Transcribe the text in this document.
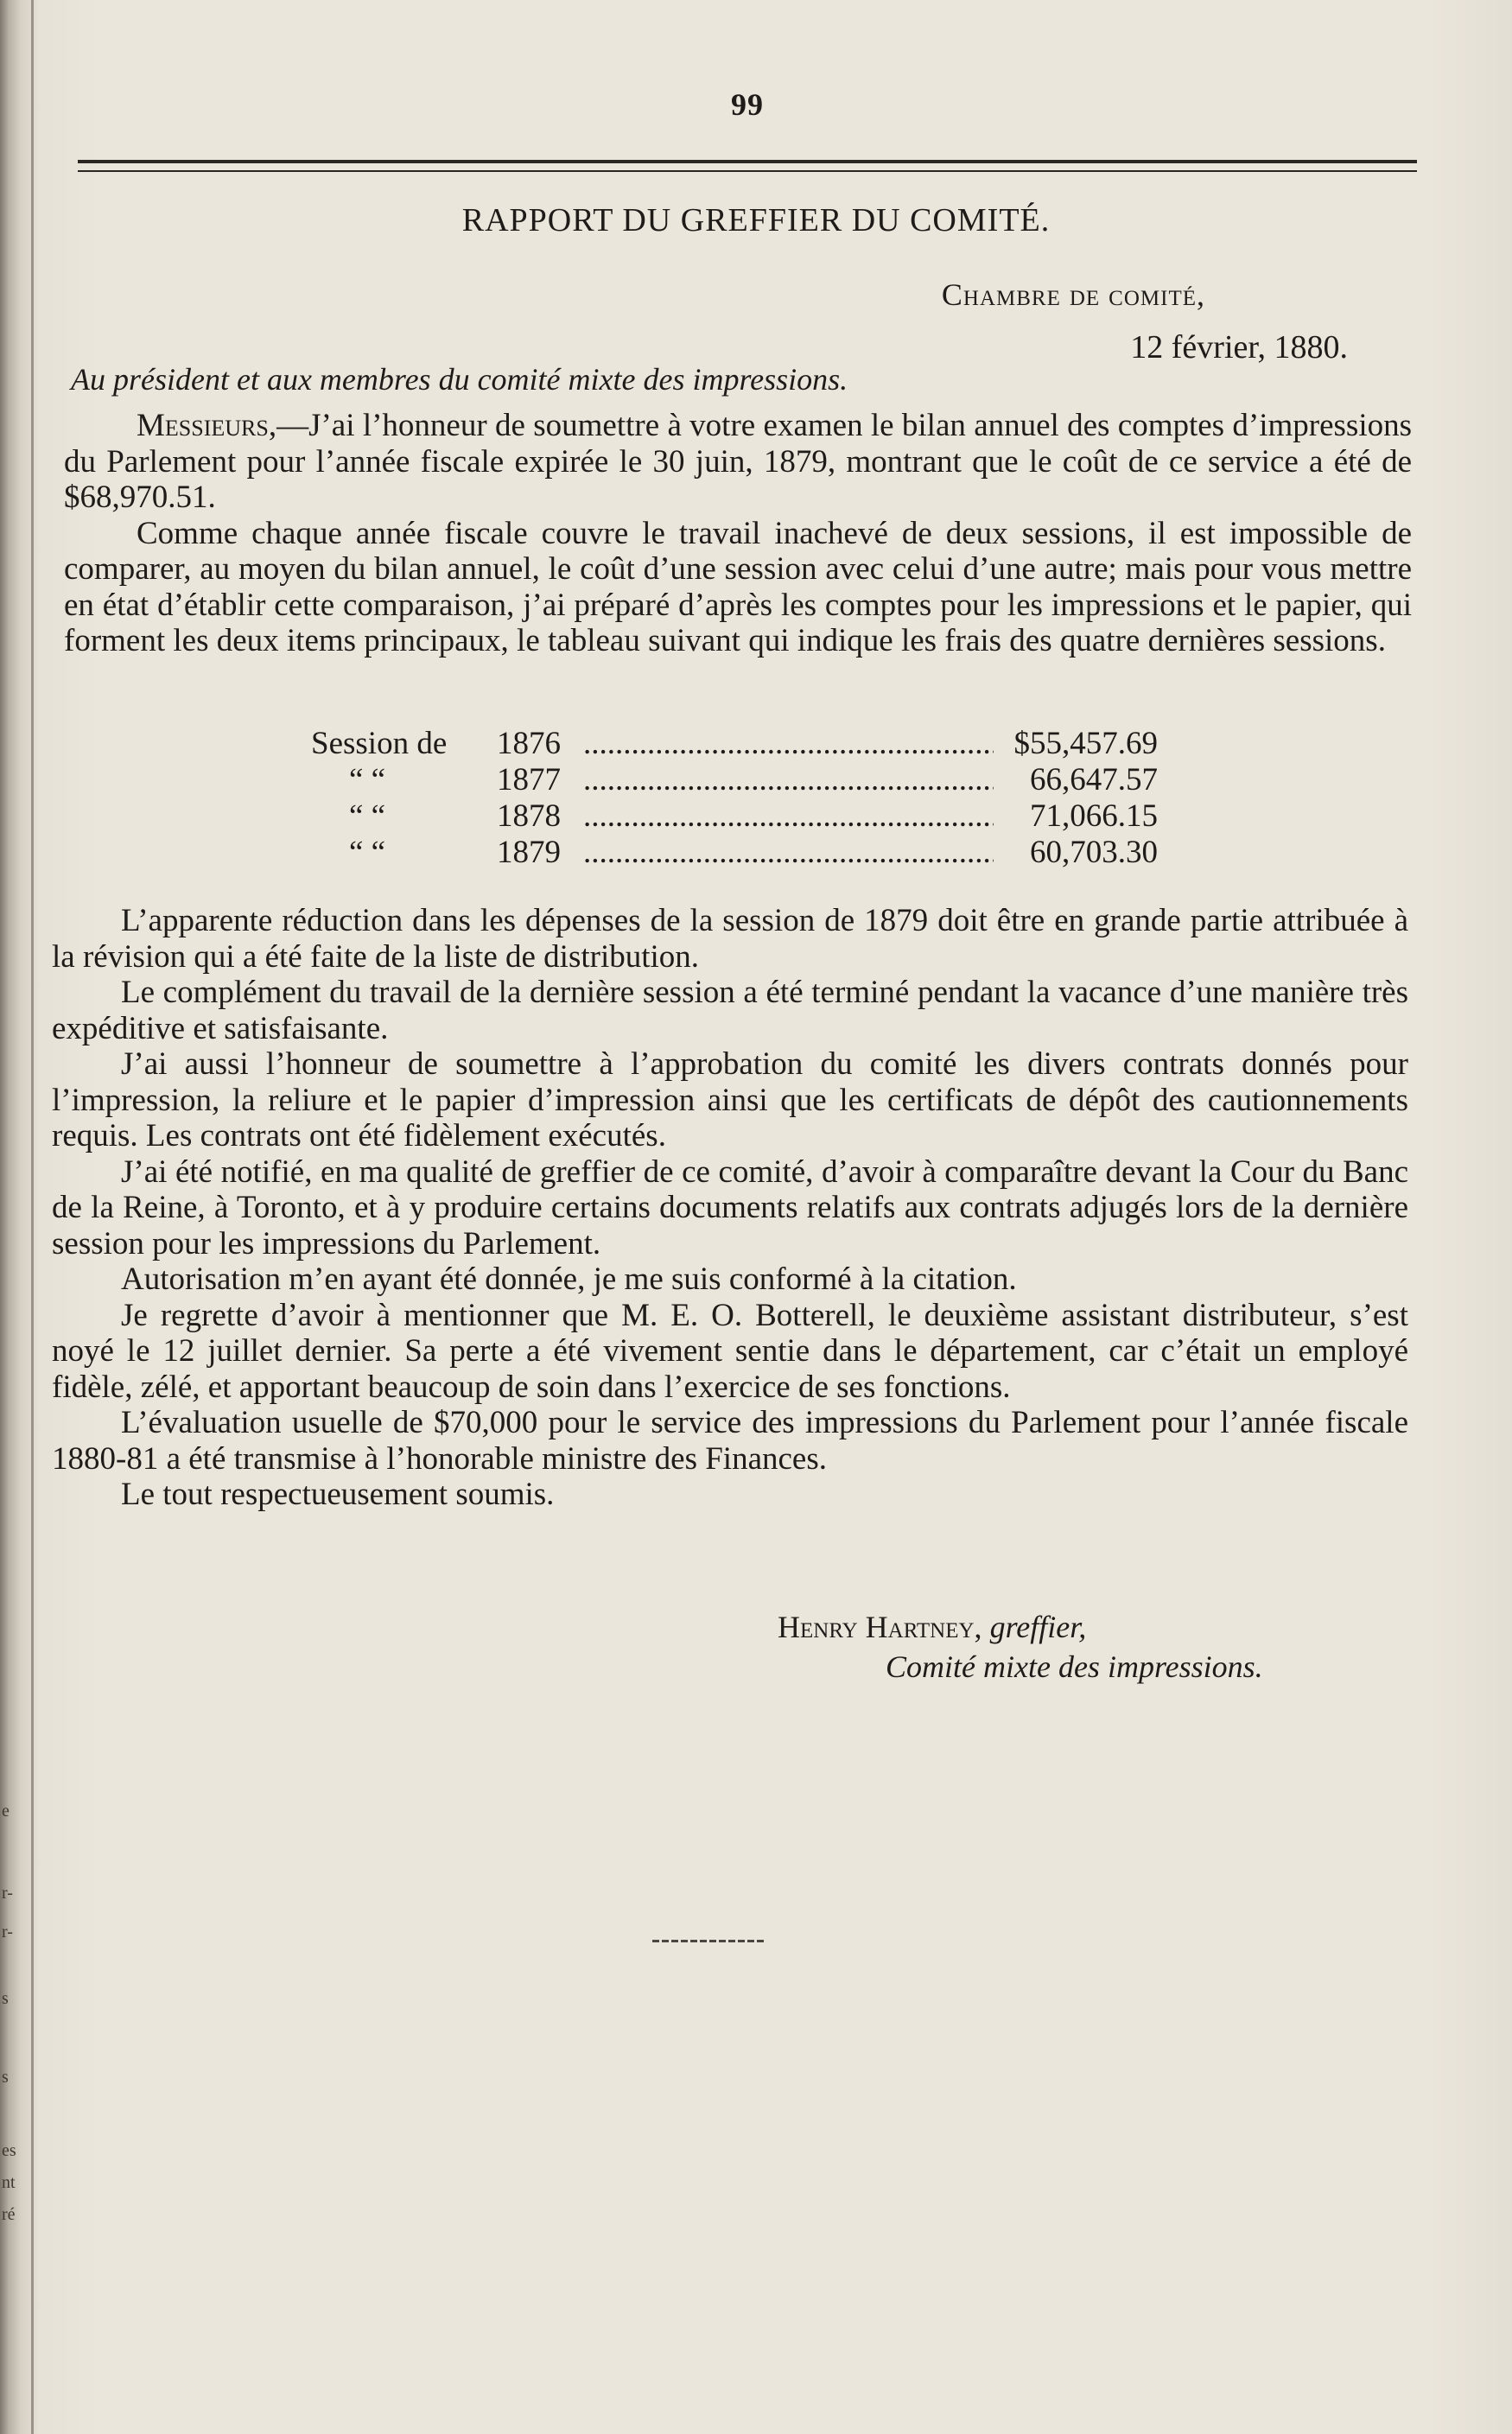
e
r-
r-
s
s
es
nt
ré
99
RAPPORT DU GREFFIER DU COMITÉ.
Chambre de comité,
12 février, 1880.
Au président et aux membres du comité mixte des impressions.

Messieurs,—J’ai l’honneur de soumettre à votre examen le bilan annuel des comptes d’impressions du Parlement pour l’année fiscale expirée le 30 juin, 1879, montrant que le coût de ce service a été de $68,970.51.

Comme chaque année fiscale couvre le travail inachevé de deux sessions, il est impossible de comparer, au moyen du bilan annuel, le coût d’une session avec celui d’une autre; mais pour vous mettre en état d’établir cette comparaison, j’ai préparé d’après les comptes pour les impressions et le papier, qui forment les deux items principaux, le tableau suivant qui indique les frais des quatre dernières sessions.

Session de	1876 .....	$55,457.69
“ “	1877 .....	66,647.57
“ “	1878 .....	71,066.15
“ “	1879 .....	60,703.30

L’apparente réduction dans les dépenses de la session de 1879 doit être en grande partie attribuée à la révision qui a été faite de la liste de distribution.

Le complément du travail de la dernière session a été terminé pendant la vacance d’une manière très expéditive et satisfaisante.

J’ai aussi l’honneur de soumettre à l’approbation du comité les divers contrats donnés pour l’impression, la reliure et le papier d’impression ainsi que les certificats de dépôt des cautionnements requis. Les contrats ont été fidèlement exécutés.

J’ai été notifié, en ma qualité de greffier de ce comité, d’avoir à comparaître devant la Cour du Banc de la Reine, à Toronto, et à y produire certains documents relatifs aux contrats adjugés lors de la dernière session pour les impressions du Parlement.

Autorisation m’en ayant été donnée, je me suis conformé à la citation.

Je regrette d’avoir à mentionner que M. E. O. Botterell, le deuxième assistant distributeur, s’est noyé le 12 juillet dernier. Sa perte a été vivement sentie dans le département, car c’était un employé fidèle, zélé, et apportant beaucoup de soin dans l’exercice de ses fonctions.

L’évaluation usuelle de $70,000 pour le service des impressions du Parlement pour l’année fiscale 1880-81 a été transmise à l’honorable ministre des Finances.

Le tout respectueusement soumis.

Henry Hartney, greffier,
Comité mixte des impressions.
